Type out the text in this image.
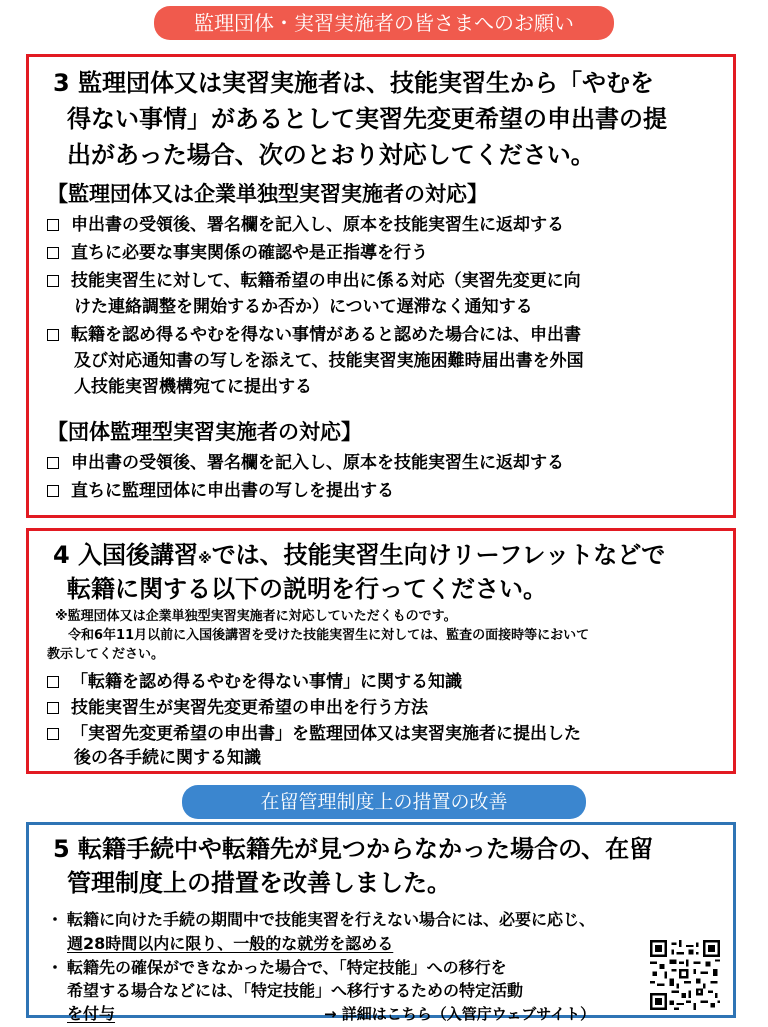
監理団体・実習実施者の皆さまへのお願い
3 監理団体又は実習実施者は、技能実習生から「やむを
得ない事情」があるとして実習先変更希望の申出書の提
出があった場合、次のとおり対応してください。
【監理団体又は企業単独型実習実施者の対応】
申出書の受領後、署名欄を記入し、原本を技能実習生に返却する
直ちに必要な事実関係の確認や是正指導を行う
技能実習生に対して、転籍希望の申出に係る対応（実習先変更に向
けた連絡調整を開始するか否か）について遅滞なく通知する
転籍を認め得るやむを得ない事情があると認めた場合には、申出書
及び対応通知書の写しを添えて、技能実習実施困難時届出書を外国
人技能実習機構宛てに提出する
【団体監理型実習実施者の対応】
申出書の受領後、署名欄を記入し、原本を技能実習生に返却する
直ちに監理団体に申出書の写しを提出する
4 入国後講習※では、技能実習生向けリーフレットなどで
転籍に関する以下の説明を行ってください。
※監理団体又は企業単独型実習実施者に対応していただくものです。
　令和6年11月以前に入国後講習を受けた技能実習生に対しては、監査の面接時等において
教示してください。
「転籍を認め得るやむを得ない事情」に関する知識
技能実習生が実習先変更希望の申出を行う方法
「実習先変更希望の申出書」を監理団体又は実習実施者に提出した
後の各手続に関する知識
在留管理制度上の措置の改善
5 転籍手続中や転籍先が見つからなかった場合の、在留
管理制度上の措置を改善しました。
・ 転籍に向けた手続の期間中で技能実習を行えない場合には、必要に応じ、
週28時間以内に限り、一般的な就労を認める
・ 転籍先の確保ができなかった場合で、「特定技能」への移行を
希望する場合などには、「特定技能」へ移行するための特定活動
を付与	→ 詳細はこちら（入管庁ウェブサイト）
